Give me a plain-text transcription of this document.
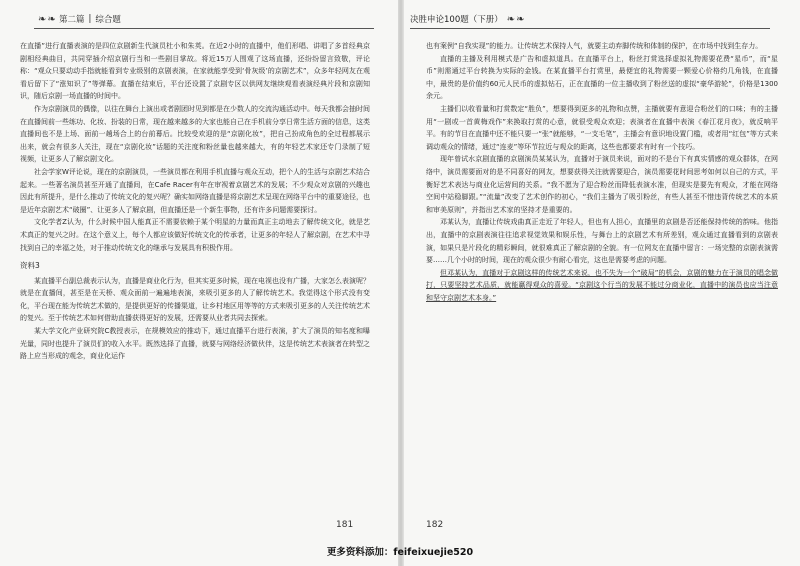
❧ ❧ 第二篇 | 综合题

在直播”进行直播表演的是四位京剧新生代演员杜小和朱英。在近2小时的直播中，他们形唱、讲唱了多首经典京剧相经典曲目，共同穿插介绍京剧行当和一些剧目掌故。将近15万人围观了这场直播，还纷纷留言致敬，评论称：“观众只要动动手指就能看到专业级别的京剧表演，在家就能享受到‘骨灰级’的京剧艺术”，众多年轻网友在观看后留下了“涨知识了”等弹幕。直播在结束后，平台还设置了京剧专区以供网友继续观看表演经典片段和京剧知识，随后京剧一场直播的时间中。

作为京剧演员的偶像，以往在舞台上演出或者剧团时见到都是在少数人的交流沟通活动中。每天我都会抽时间在直播间前一些练功、化妆、扮装的日常，现在越来越多的大家也能自己在手机前分享日常生活方面的信息，这类直播间也不是上场、面前一趟场合上的台前幕后。比较受欢迎的是“京剧化妆”，把自己扮成角色的全过程都展示出来，就会有很多人关注，现在“京剧化妆”话题的关注度和粉丝量也越来越大，有的年轻艺术家还专门录制了短视频，让更多人了解京剧文化。

社会学家W评论说，现在的京剧演员，一些演员都在利用手机直播与观众互动，把个人的生活与京剧艺术结合起来。一些著名演员甚至开通了直播间，在Cafe Racer有年在审视着京剧艺术的发展；不少观众对京剧的兴趣也因此有所提升，是什么推动了传统文化的复兴呢？确实如网络直播是将京剧艺术呈现在网络平台中的重要途径，也是近年京剧艺术“破圈”、让更多人了解京剧，但直播还是一个新生事物，还有许多问题需要探讨。

文化学者Z认为，什么时候中国人能真正不需要依赖于某个明星的力量而真正主动地去了解传统文化，就是艺术真正的复兴之时。在这个意义上，每个人都应该做好传统文化的传承者，让更多的年轻人了解京剧，在艺术中寻找到自己的幸福之处，对于推动传统文化的继承与发展具有积极作用。

资料3

某直播平台副总裁表示认为，直播是商业化行为，但其实更多时候，现在电视也没有广播，大家怎么表演呢？就是在直播间，甚至是在天桥、观众面前一遍遍地表演，来吸引更多的人了解传统艺术。我觉得这个形式没有变化，平台现在能为传统艺术做的，是提供更好的传播渠道，让乡村地区用等等的方式来吸引更多的人关注传统艺术的复兴。至于传统艺术如何借助直播获得更好的发展，还需要从业者共同去探索。

某大学文化产业研究院C教授表示，在规模效应的推动下，通过直播平台进行表演，扩大了演员的知名度和曝光量，同时也提升了演员们的收入水平。既然选择了直播，就要与网络经济做伙伴，这是传统艺术表演者在转型之路上应当形成的观念，商业化运作

181
决胜申论100题（下册） ❧ ❧

也有案例“自我实现”的能力。让传统艺术保持人气，就要主动弃脚传统和体制的保护，在市场中找到生存力。

直播的主播及利用模式是广告和虚拟道具。在直播平台上，粉丝打赏选择虚拟礼物需要花费“星币”，而“星币”则需通过平台转换为实际的金钱。在某直播平台打赏里，最便宜的礼物需要一颗爱心价格约几角钱，在直播中，最贵的是价值约60元人民币的虚拟钻石，正在直播的一位主播收到了粉丝送的虚拟“豪华游轮”，价格是1300余元。

主播们以收看量和打赏数定“胜负”，想要得到更多的礼物和点赞，主播就要有意迎合粉丝们的口味；有的主播用“一剧或一首黄梅戏作”来换取打赏的心意，就很受观众欢迎；表演者在直播中表演《春江花月夜》，就反响平平。有的节目在直播中还不能只要一“张”就能够，“一支毛笔”，主播会有意识地设置门槛，或者用“红包”等方式来调动观众的情绪，通过“连麦”等环节拉近与观众的距离，这些也都要求有时有一个技巧。

现年曾试水京剧直播的京剧演员某某认为，直播对于演员来说，面对的不是台下有真实情感的观众群体，在网络中，演员需要面对的是不同喜好的网友，想要获得关注就需要迎合，演员需要花时间思考如何以自己的方式，平衡好艺术表达与商业化运营间的关系。“我不愿为了迎合粉丝而降低表演水准，但现实是要先有观众，才能在网络空间中站稳脚跟。”“流量”改变了艺术创作的初心，“我们主播为了吸引粉丝，有些人甚至不惜违背传统艺术的本质和审美原则”，并指出艺术家的坚持才是重要的。

邓某认为，直播让传统戏曲真正走近了年轻人，但也有人担心，直播里的京剧是否还能保持传统的韵味。他指出，直播中的京剧表演往往追求视觉效果和娱乐性，与舞台上的京剧艺术有所差别，观众通过直播看到的京剧表演，如果只是片段化的精彩瞬间，就很难真正了解京剧的全貌。有一位网友在直播中留言：一场完整的京剧表演需要……几个小时的时间，现在的观众很少有耐心看完，这也是需要考虑的问题。

但邓某认为，直播对于京剧这样的传统艺术来说，也不失为一个“破局”的机会，京剧的魅力在于演员的唱念做打，只要坚持艺术品质，就能赢得观众的喜爱。“京剧这个行当的发展不能过分商业化，直播中的演员也应当注意和坚守京剧艺术本身。”

182
更多资料添加：feifeixuejie520
